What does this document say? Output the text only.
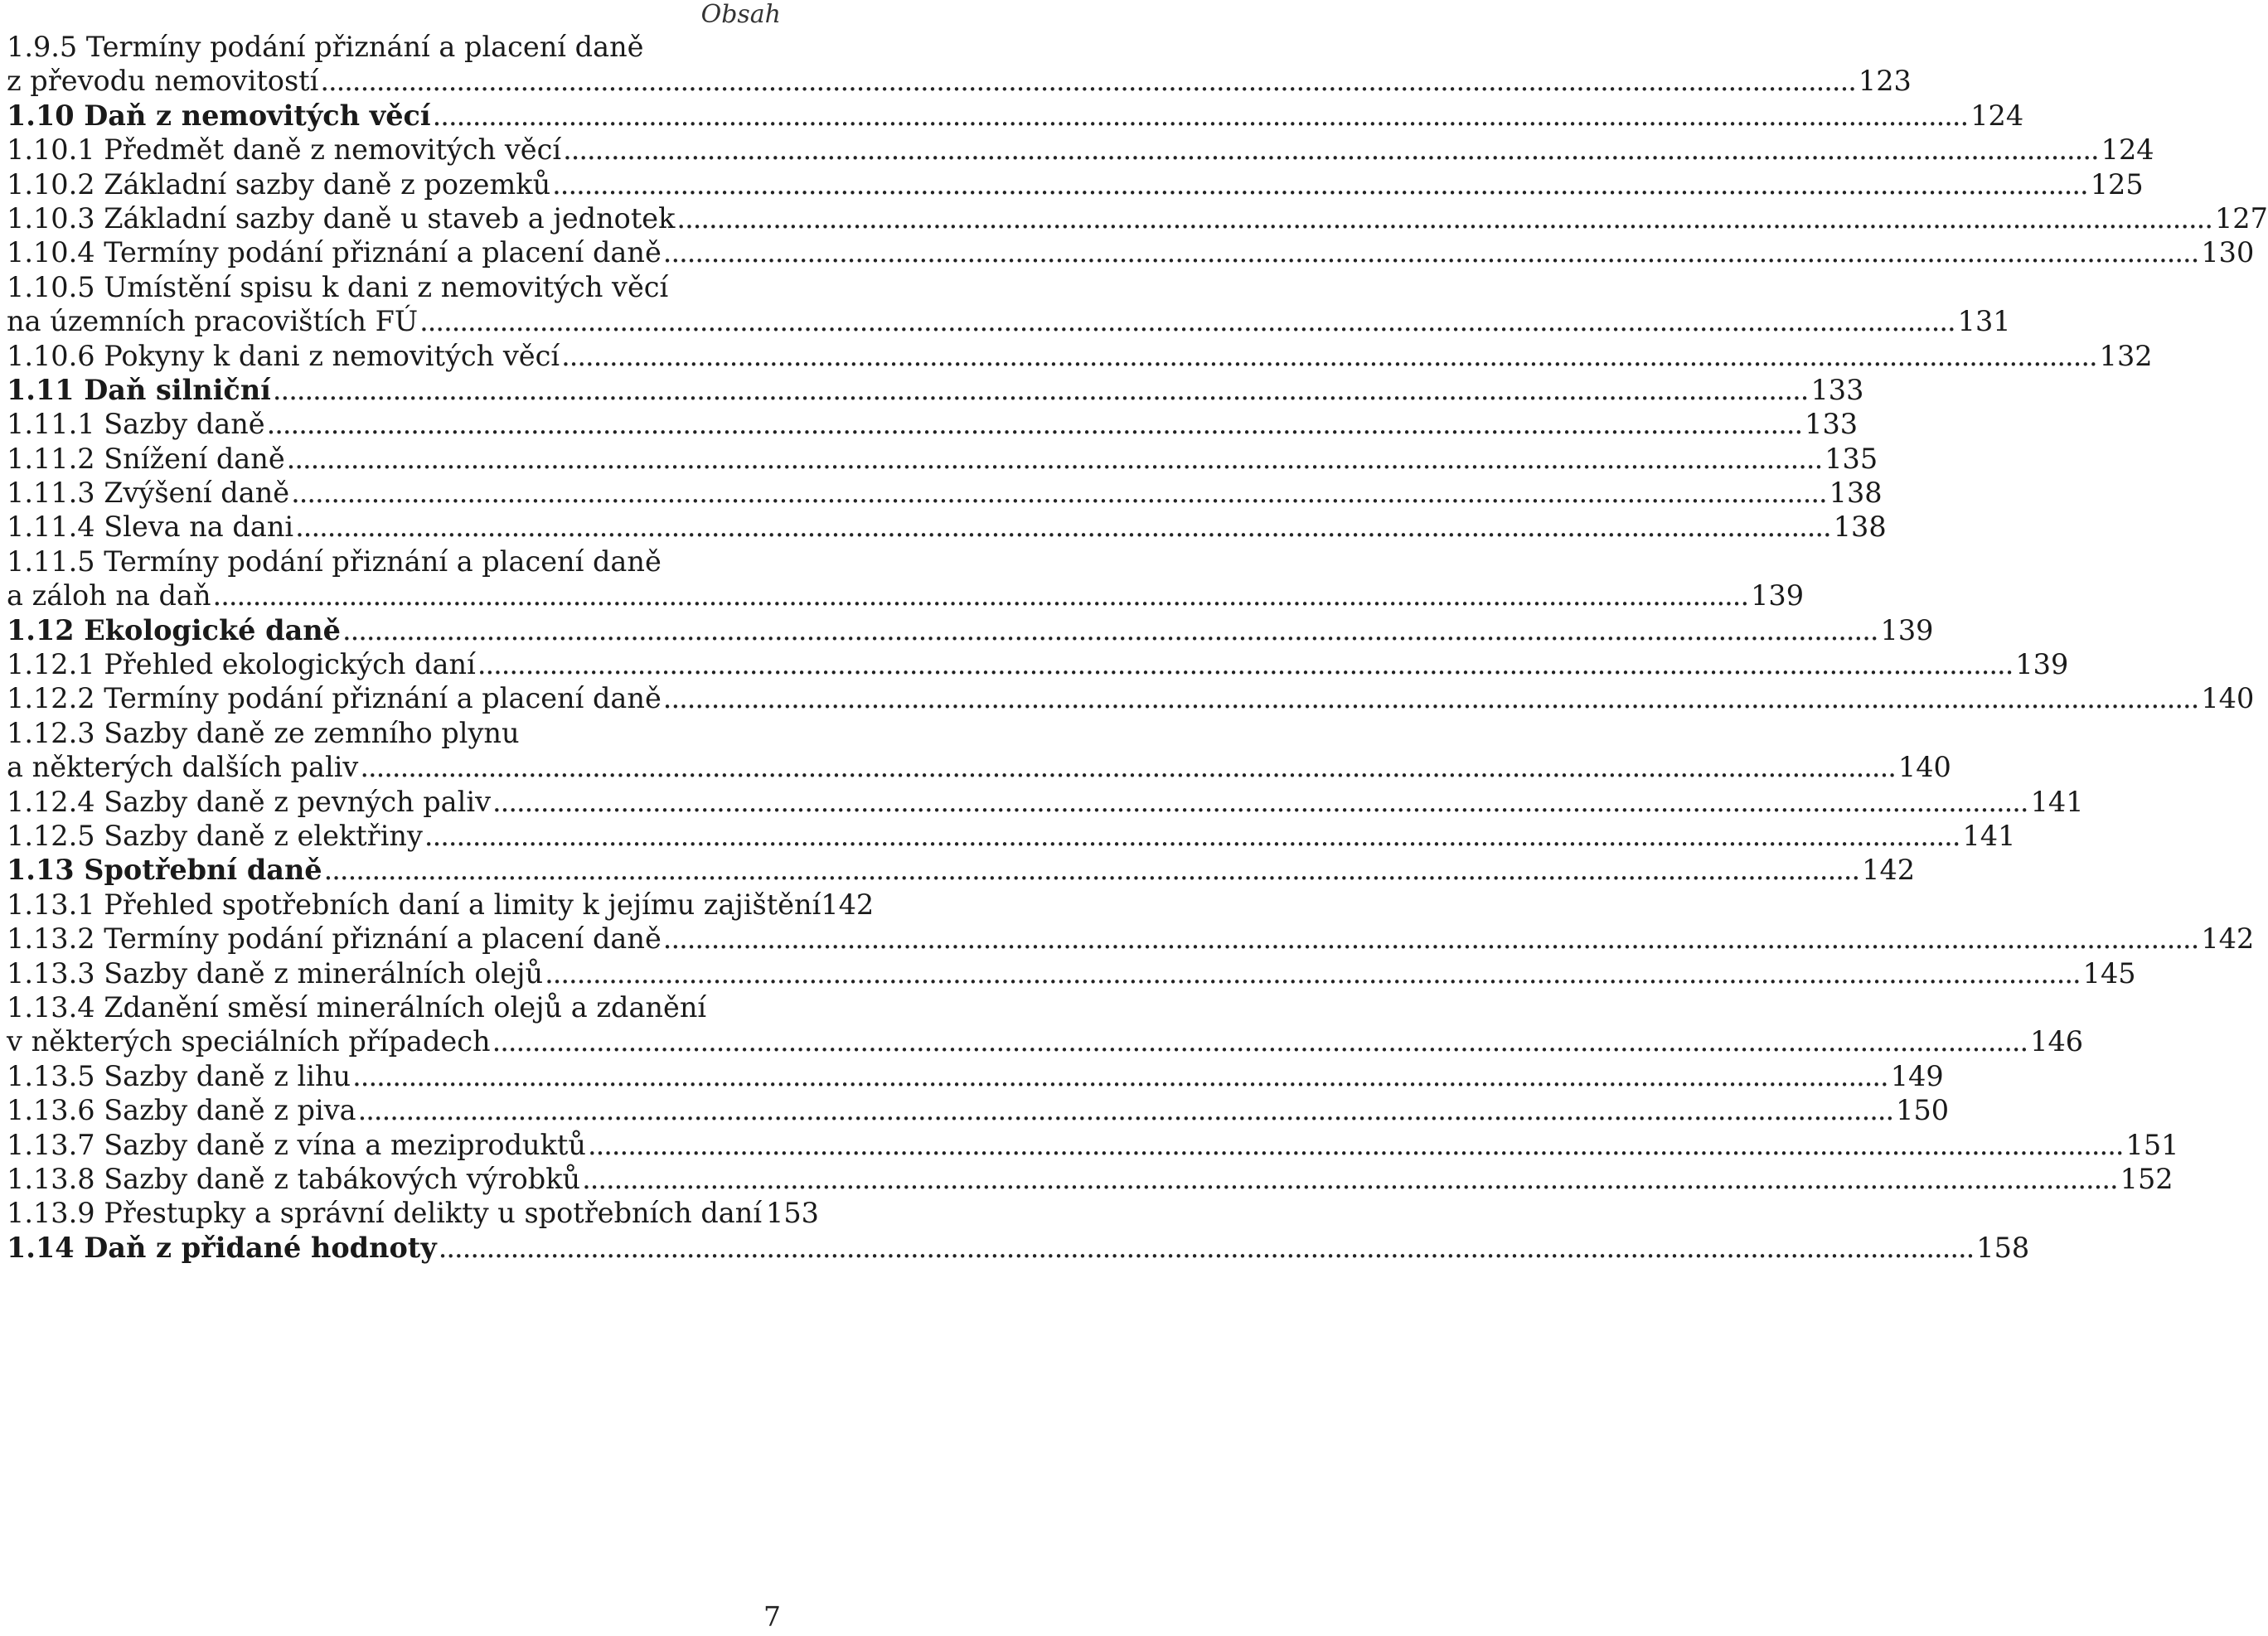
Obsah
1.9.5 Termíny podání přiznání a placení daně
z převodu nemovitostí .....	123
1.10 Daň z nemovitých věcí .....	124
1.10.1 Předmět daně z nemovitých věcí .....	124
1.10.2 Základní sazby daně z pozemků .....	125
1.10.3 Základní sazby daně u staveb a jednotek .....	127
1.10.4 Termíny podání přiznání a placení daně .....	130
1.10.5 Umístění spisu k dani z nemovitých věcí
na územních pracovištích FÚ .....	131
1.10.6 Pokyny k dani z nemovitých věcí .....	132
1.11 Daň silniční .....	133
1.11.1 Sazby daně .....	133
1.11.2 Snížení daně .....	135
1.11.3 Zvýšení daně .....	138
1.11.4 Sleva na dani .....	138
1.11.5 Termíny podání přiznání a placení daně
a záloh na daň .....	139
1.12 Ekologické daně .....	139
1.12.1 Přehled ekologických daní .....	139
1.12.2 Termíny podání přiznání a placení daně .....	140
1.12.3 Sazby daně ze zemního plynu
a některých dalších paliv .....	140
1.12.4 Sazby daně z pevných paliv .....	141
1.12.5 Sazby daně z elektřiny .....	141
1.13 Spotřební daně .....	142
1.13.1 Přehled spotřebních daní a limity k jejímu zajištění 142
1.13.2 Termíny podání přiznání a placení daně .....	142
1.13.3 Sazby daně z minerálních olejů .....	145
1.13.4 Zdanění směsí minerálních olejů a zdanění
v některých speciálních případech .....	146
1.13.5 Sazby daně z lihu .....	149
1.13.6 Sazby daně z piva .....	150
1.13.7 Sazby daně z vína a meziproduktů .....	151
1.13.8 Sazby daně z tabákových výrobků .....	152
1.13.9 Přestupky a správní delikty u spotřebních daní 153
1.14 Daň z přidané hodnoty .....	158
7
